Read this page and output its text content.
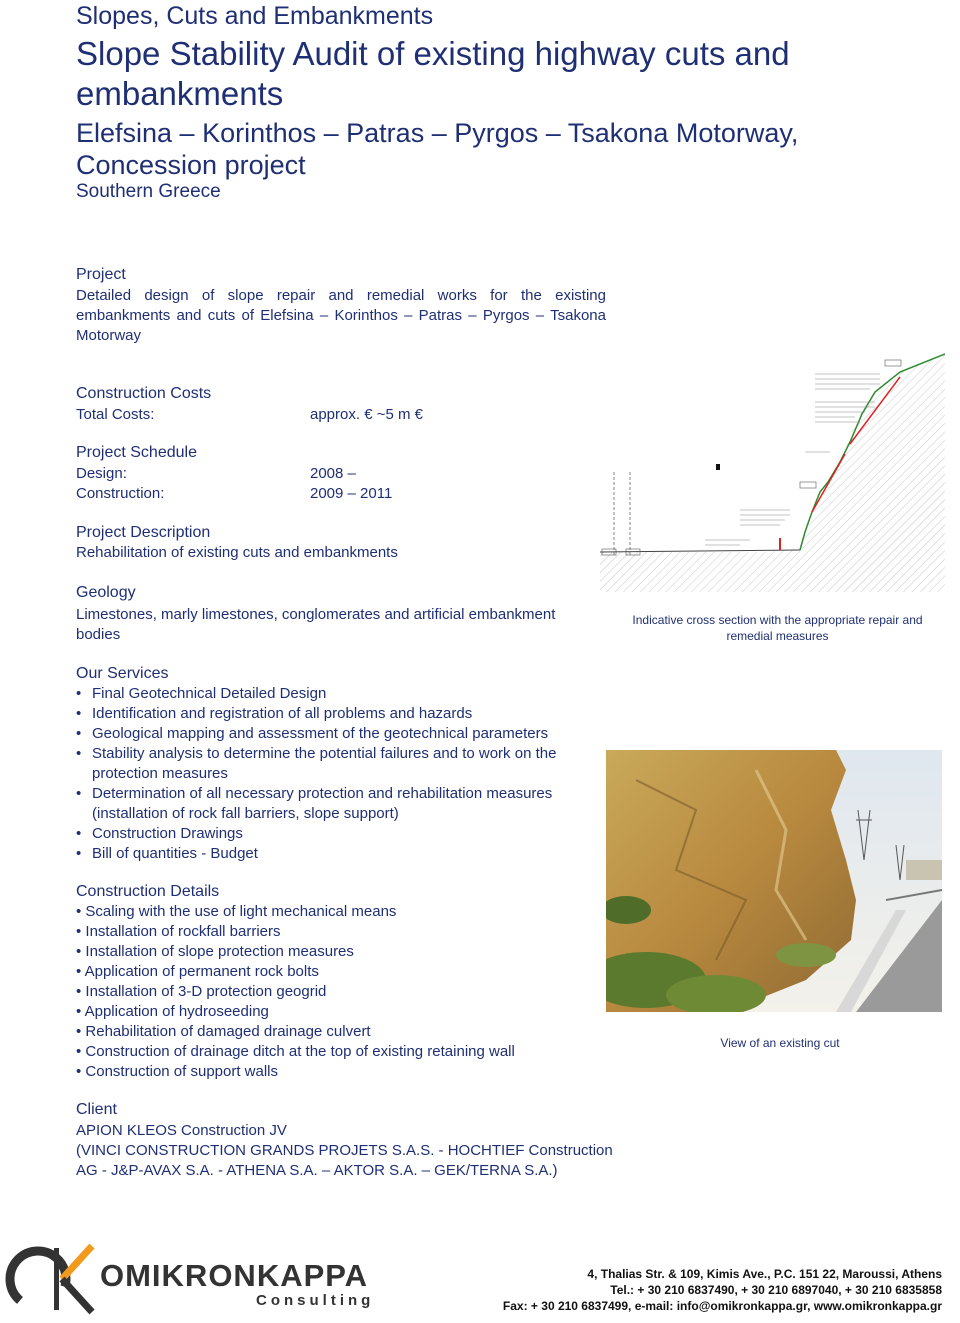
Slopes, Cuts and Embankments
Slope Stability Audit of existing highway cuts and embankments
Elefsina – Korinthos – Patras – Pyrgos – Tsakona Motorway, Concession project
Southern Greece
Project
Detailed design of slope repair and remedial works for the existing embankments and cuts of Elefsina – Korinthos – Patras – Pyrgos – Tsakona Motorway
Construction Costs
Total Costs:	approx. € ~5 m €
Project Schedule
Design:	2008 –
Construction:	2009 – 2011
Project Description
Rehabilitation of existing cuts and embankments
Geology
Limestones, marly limestones, conglomerates and artificial embankment bodies
Our Services
• Final Geotechnical Detailed Design
• Identification and registration of all problems and hazards
• Geological mapping and assessment of the geotechnical parameters
• Stability analysis to determine the potential failures and to work on the protection measures
• Determination of all necessary protection and rehabilitation measures (installation of rock fall barriers, slope support)
• Construction Drawings
• Bill of quantities - Budget
Construction Details
• Scaling with the use of light mechanical means
• Installation of rockfall barriers
• Installation of slope protection measures
• Application of permanent rock bolts
• Installation of 3-D protection geogrid
• Application of hydroseeding
• Rehabilitation of damaged drainage culvert
• Construction of drainage ditch at the top of existing retaining wall
• Construction of support walls
Client
APION KLEOS Construction JV
(VINCI CONSTRUCTION GRANDS PROJETS S.A.S. - HOCHTIEF Construction
AG - J&P-AVAX S.A. - ATHENA S.A. – AKTOR S.A. – GEK/TERNA S.A.)
Indicative cross section with the appropriate repair and remedial measures
View of an existing cut
OMIKRONKAPPA
Consulting
4, Thalias Str. & 109, Kimis Ave., P.C. 151 22, Maroussi, Athens
Tel.: + 30 210 6837490, + 30 210 6897040, + 30 210 6835858
Fax: + 30 210 6837499, e-mail: info@omikronkappa.gr, www.omikronkappa.gr
